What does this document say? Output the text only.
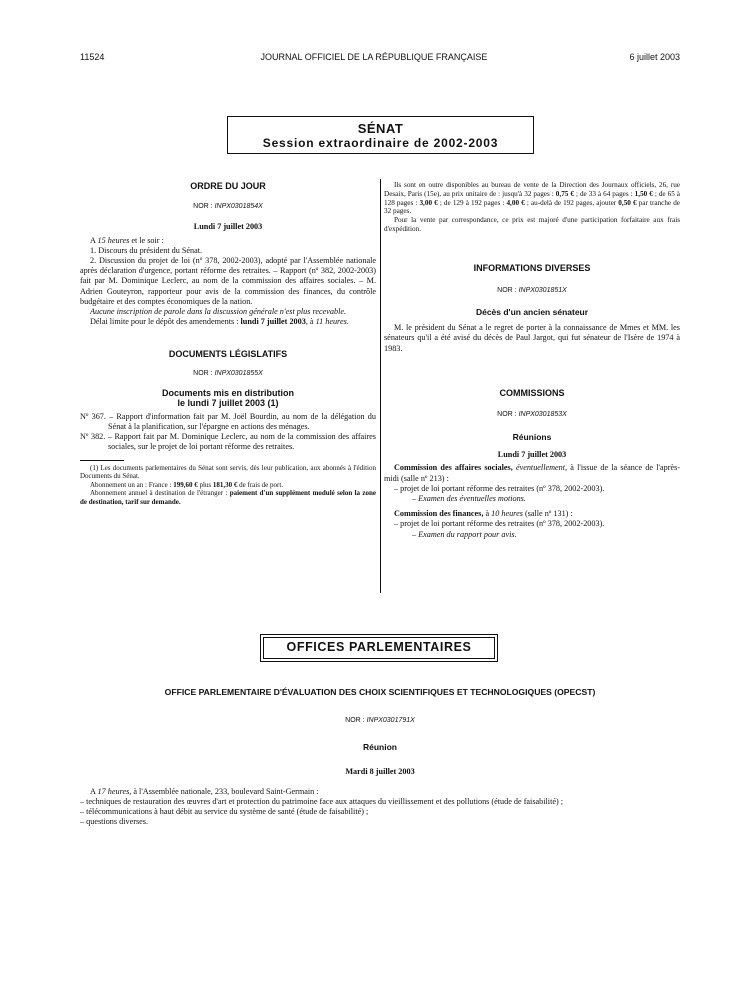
11524	JOURNAL OFFICIEL DE LA RÉPUBLIQUE FRANÇAISE	6 juillet 2003
SÉNAT
Session extraordinaire de 2002-2003
ORDRE DU JOUR
NOR : INPX0301854X
Lundi 7 juillet 2003

A 15 heures et le soir :

1. Discours du président du Sénat.

2. Discussion du projet de loi (nº 378, 2002-2003), adopté par l'Assemblée nationale après déclaration d'urgence, portant réforme des retraites. – Rapport (nº 382, 2002-2003) fait par M. Dominique Leclerc, au nom de la commission des affaires sociales. – M. Adrien Gouteyron, rapporteur pour avis de la commission des finances, du contrôle budgétaire et des comptes économiques de la nation.

Aucune inscription de parole dans la discussion générale n'est plus recevable.

Délai limite pour le dépôt des amendements : lundi 7 juillet 2003, à 11 heures.

DOCUMENTS LÉGISLATIFS
NOR : INPX0301855X
Documents mis en distribution
le lundi 7 juillet 2003 (1)

Nº 367. – Rapport d'information fait par M. Joël Bourdin, au nom de la délégation du Sénat à la planification, sur l'épargne en actions des ménages.

Nº 382. – Rapport fait par M. Dominique Leclerc, au nom de la commission des affaires sociales, sur le projet de loi portant réforme des retraites.

(1) Les documents parlementaires du Sénat sont servis, dès leur publication, aux abonnés à l'édition Documents du Sénat.

Abonnement un an : France : 199,60 € plus 181,30 € de frais de port.

Abonnement annuel à destination de l'étranger : paiement d'un supplément modulé selon la zone de destination, tarif sur demande.

Ils sont en outre disponibles au bureau de vente de la Direction des Journaux officiels, 26, rue Desaix, Paris (15e), au prix unitaire de : jusqu'à 32 pages : 0,75 € ; de 33 à 64 pages : 1,50 € ; de 65 à 128 pages : 3,00 € ; de 129 à 192 pages : 4,00 € ; au-delà de 192 pages, ajouter 0,50 € par tranche de 32 pages.

Pour la vente par correspondance, ce prix est majoré d'une participation forfaitaire aux frais d'expédition.

INFORMATIONS DIVERSES
NOR : INPX0301851X
Décès d'un ancien sénateur

M. le président du Sénat a le regret de porter à la connaissance de Mmes et MM. les sénateurs qu'il a été avisé du décès de Paul Jargot, qui fut sénateur de l'Isère de 1974 à 1983.

COMMISSIONS
NOR : INPX0301853X
Réunions
Lundi 7 juillet 2003

Commission des affaires sociales, éventuellement, à l'issue de la séance de l'après-midi (salle nº 213) :

– projet de loi portant réforme des retraites (nº 378, 2002-2003).

– Examen des éventuelles motions.

Commission des finances, à 10 heures (salle nº 131) :

– projet de loi portant réforme des retraites (nº 378, 2002-2003).

– Examen du rapport pour avis.

OFFICES PARLEMENTAIRES
OFFICE PARLEMENTAIRE D'ÉVALUATION DES CHOIX SCIENTIFIQUES ET TECHNOLOGIQUES (OPECST)
NOR : INPX0301791X
Réunion
Mardi 8 juillet 2003

A 17 heures, à l'Assemblée nationale, 233, boulevard Saint-Germain :

– techniques de restauration des œuvres d'art et protection du patrimoine face aux attaques du vieillissement et des pollutions (étude de faisabilité) ;

– télécommunications à haut débit au service du système de santé (étude de faisabilité) ;

– questions diverses.
